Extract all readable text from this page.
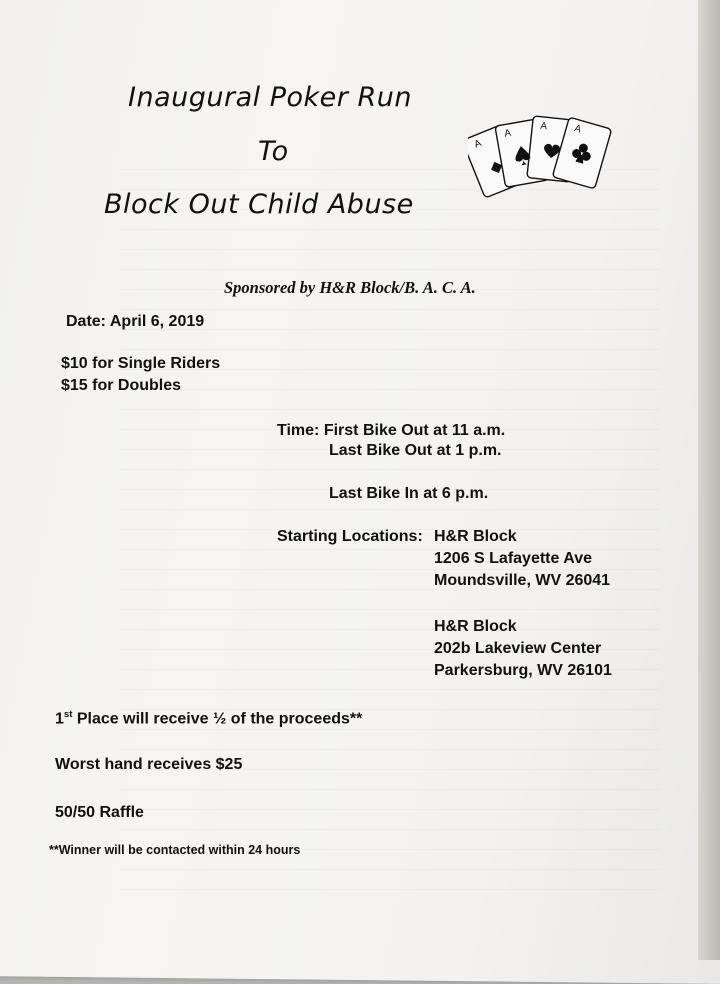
Inaugural Poker Run
To
Block Out Child Abuse
A
A
A	A
Sponsored by H&R Block/B. A. C. A.
Date: April 6, 2019
$10 for Single Riders
$15 for Doubles
Time: First Bike Out at 11 a.m.
Last Bike Out at 1 p.m.
Last Bike In at 6 p.m.
Starting Locations: H&R Block
1206 S Lafayette Ave
Moundsville, WV 26041
H&R Block
202b Lakeview Center
Parkersburg, WV 26101
1st Place will receive ½ of the proceeds**
Worst hand receives $25
50/50 Raffle
**Winner will be contacted within 24 hours
